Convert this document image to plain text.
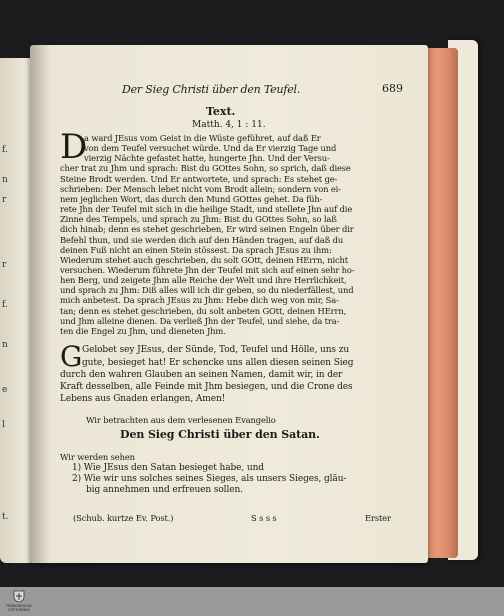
f.
n
r
r
f.
n
e
l
t.
Der Sieg Christi über den Teufel.	689
Text.
Matth. 4, 1 : 11.
D
a ward JEsus vom Geist in die Wüste geführet, auf daß Er
von dem Teufel versuchet würde. Und da Er vierzig Tage und
vierzig Nächte gefastet hatte, hungerte Jhn. Und der Versu-
cher trat zu Jhm und sprach: Bist du GOttes Sohn, so sprich, daß diese
Steine Brodt werden. Und Er antwortete, und sprach: Es stehet ge-
schrieben: Der Mensch lebet nicht vom Brodt allein; sondern von ei-
nem jeglichen Wort, das durch den Mund GOttes gehet. Da füh-
rete Jhn der Teufel mit sich in die heilige Stadt, und stellete Jhn auf die
Zinne des Tempels, und sprach zu Jhm: Bist du GOttes Sohn, so laß
dich hinab; denn es stehet geschrieben, Er wird seinen Engeln über dir
Befehl thun, und sie werden dich auf den Händen tragen, auf daß du
deinen Fuß nicht an einen Stein stössest. Da sprach JEsus zu ihm:
Wiederum stehet auch geschrieben, du solt GOtt, deinen HErrn, nicht
versuchen. Wiederum führete Jhn der Teufel mit sich auf einen sehr ho-
hen Berg, und zeigete Jhm alle Reiche der Welt und ihre Herrlichkeit,
und sprach zu Jhm: Diß alles will ich dir geben, so du niederfällest, und
mich anbetest. Da sprach JEsus zu Jhm: Hebe dich weg von mir, Sa-
tan; denn es stehet geschrieben, du solt anbeten GOtt, deinen HErrn,
und Jhm alleine dienen. Da verließ Jhn der Teufel, und siehe, da tra-
ten die Engel zu Jhm, und dieneten Jhm.
G Gelobet sey JEsus, der Sünde, Tod, Teufel und Hölle, uns zu
gute, besieget hat! Er schencke uns allen diesen seinen Sieg
durch den wahren Glauben an seinen Namen, damit wir, in der
Kraft desselben, alle Feinde mit Jhm besiegen, und die Crone des
Lebens aus Gnaden erlangen, Amen!
Wir betrachten aus dem verlesenen Evangelio
Den Sieg Christi über den Satan.
Wir werden sehen
1) Wie JEsus den Satan besieget habe, und
2) Wie wir uns solches seines Sieges, als unsers Sieges, gläu-
big annehmen und erfreuen sollen.
(Schub. kurtze Ev. Post.)	S s s s	Erster
FRANCKESCHE
STIFTUNGEN
